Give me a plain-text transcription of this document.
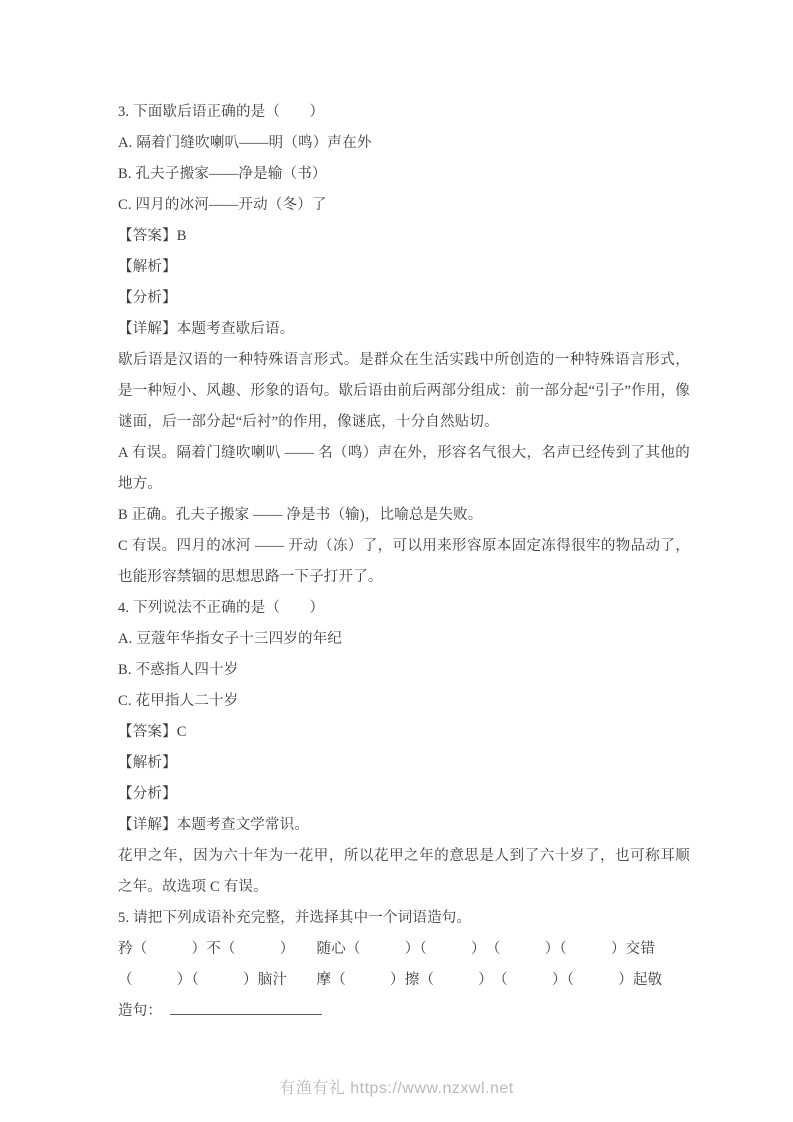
3. 下面歇后语正确的是（　　）

A. 隔着门缝吹喇叭——明（鸣）声在外

B. 孔夫子搬家——净是输（书）

C. 四月的冰河——开动（冬）了

【答案】B

【解析】

【分析】

【详解】本题考查歇后语。

歇后语是汉语的一种特殊语言形式。是群众在生活实践中所创造的一种特殊语言形式，是一种短小、风趣、形象的语句。歇后语由前后两部分组成：前一部分起“引子”作用，像谜面，后一部分起“后衬”的作用，像谜底，十分自然贴切。

A 有误。隔着门缝吹喇叭 —— 名（鸣）声在外，形容名气很大，名声已经传到了其他的地方。

B 正确。孔夫子搬家 —— 净是书（输)，比喻总是失败。

C 有误。四月的冰河 —— 开动（冻）了，可以用来形容原本固定冻得很牢的物品动了， 也能形容禁锢的思想思路一下子打开了。

4. 下列说法不正确的是（　　）

A. 豆蔻年华指女子十三四岁的年纪

B. 不惑指人四十岁

C. 花甲指人二十岁

【答案】C

【解析】

【分析】

【详解】本题考查文学常识。

花甲之年，因为六十年为一花甲，所以花甲之年的意思是人到了六十岁了，也可称耳顺之年。故选项 C 有误。

5. 请把下列成语补充完整，并选择其中一个词语造句。

矜（　　　）不（　　　）　　随心（　　　）（　　　）　（　　　）（　　　）交错

（　　　）（　　　）脑汁　　摩（　　　）擦（　　　）　（　　　）（　　　）起敬

造句：

有渔有礼 https://www.nzxwl.net
